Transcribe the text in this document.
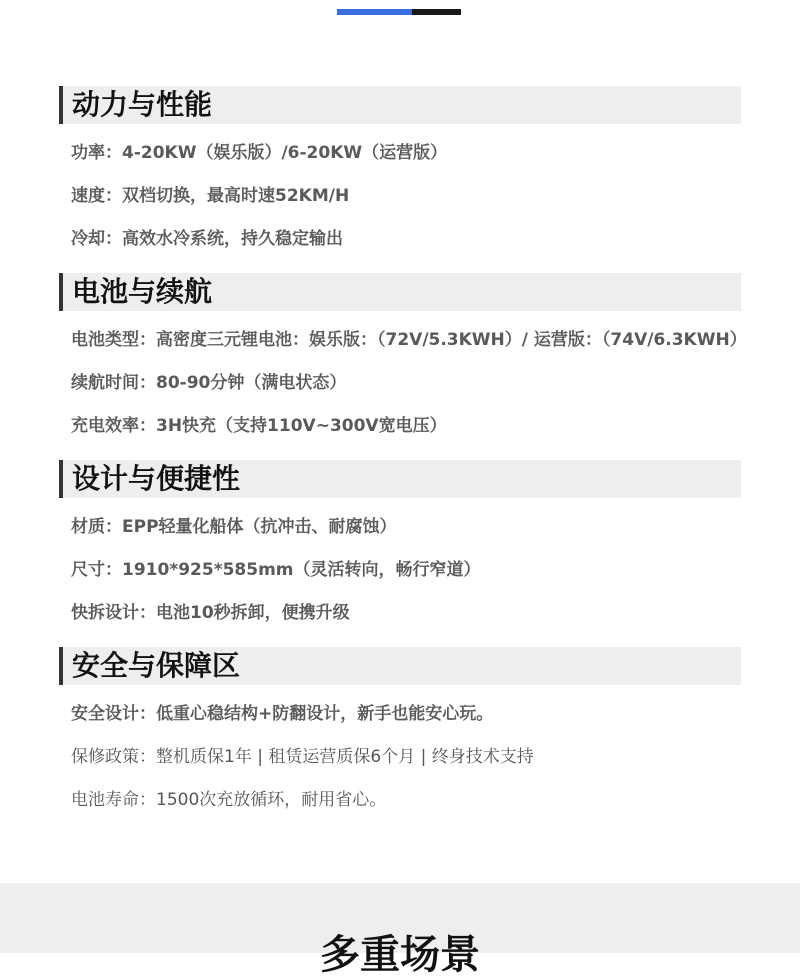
动力与性能
功率：4-20KW（娱乐版）/6-20KW（运营版）
速度：双档切换，最高时速52KM/H
冷却：高效水冷系统，持久稳定输出
电池与续航
电池类型：高密度三元锂电池：娱乐版：（72V/5.3KWH）/ 运营版：（74V/6.3KWH）
续航时间：80-90分钟（满电状态）
充电效率：3H快充（支持110V~300V宽电压）
设计与便捷性
材质：EPP轻量化船体（抗冲击、耐腐蚀）
尺寸：1910*925*585mm（灵活转向，畅行窄道）
快拆设计：电池10秒拆卸，便携升级
安全与保障区
安全设计：低重心稳结构+防翻设计，新手也能安心玩。
保修政策：整机质保1年 | 租赁运营质保6个月 | 终身技术支持
电池寿命：1500次充放循环，耐用省心。
多重场景
